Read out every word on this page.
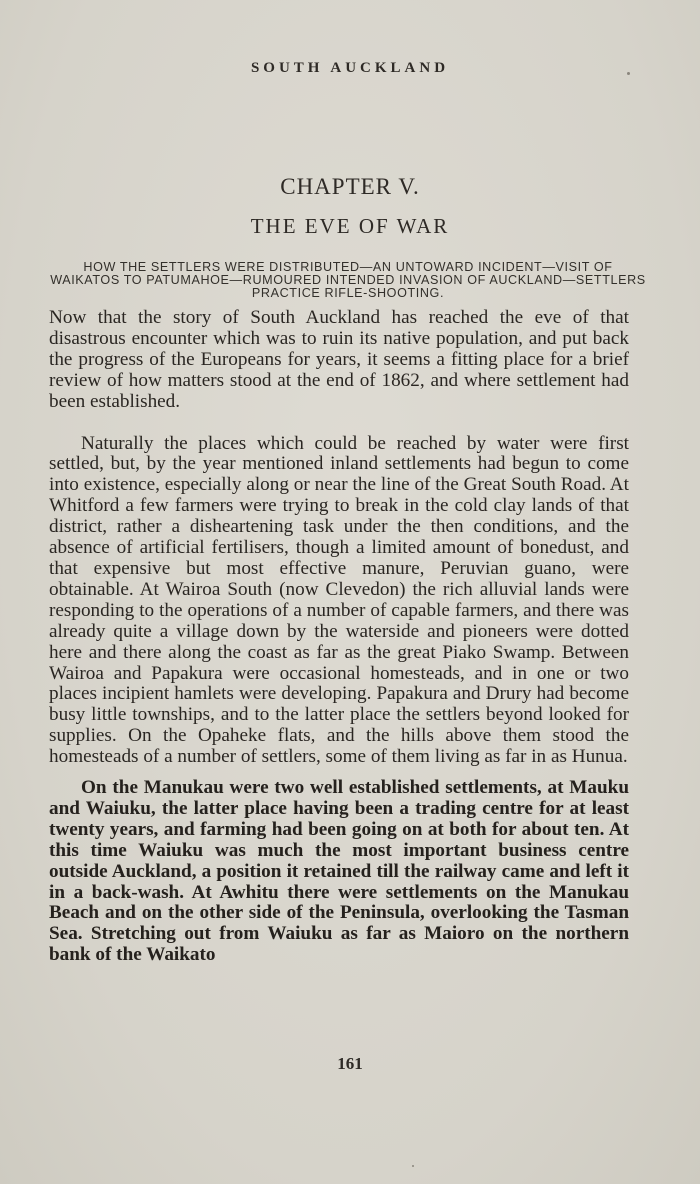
SOUTH AUCKLAND
CHAPTER V.
THE EVE OF WAR
HOW THE SETTLERS WERE DISTRIBUTED—AN UNTOWARD INCIDENT—VISIT OF WAIKATOS TO PATUMAHOE—RUMOURED INTENDED INVASION OF AUCKLAND—SETTLERS PRACTICE RIFLE-SHOOTING.

Now that the story of South Auckland has reached the eve of that disastrous encounter which was to ruin its native population, and put back the progress of the Europeans for years, it seems a fitting place for a brief review of how matters stood at the end of 1862, and where settlement had been established.

Naturally the places which could be reached by water were first settled, but, by the year mentioned inland settlements had begun to come into existence, especially along or near the line of the Great South Road. At Whitford a few farmers were trying to break in the cold clay lands of that district, rather a disheartening task under the then conditions, and the absence of artificial fertilisers, though a limited amount of bonedust, and that expensive but most effective manure, Peruvian guano, were obtainable. At Wairoa South (now Clevedon) the rich alluvial lands were responding to the operations of a number of capable farmers, and there was already quite a village down by the waterside and pioneers were dotted here and there along the coast as far as the great Piako Swamp. Between Wairoa and Papakura were occasional homesteads, and in one or two places incipient hamlets were developing. Papakura and Drury had become busy little townships, and to the latter place the settlers beyond looked for supplies. On the Opaheke flats, and the hills above them stood the homesteads of a number of settlers, some of them living as far in as Hunua.

On the Manukau were two well established settlements, at Mauku and Waiuku, the latter place having been a trading centre for at least twenty years, and farming had been going on at both for about ten. At this time Waiuku was much the most important business centre outside Auckland, a position it retained till the railway came and left it in a back-wash. At Awhitu there were settlements on the Manukau Beach and on the other side of the Peninsula, overlooking the Tasman Sea. Stretching out from Waiuku as far as Maioro on the northern bank of the Waikato

161
